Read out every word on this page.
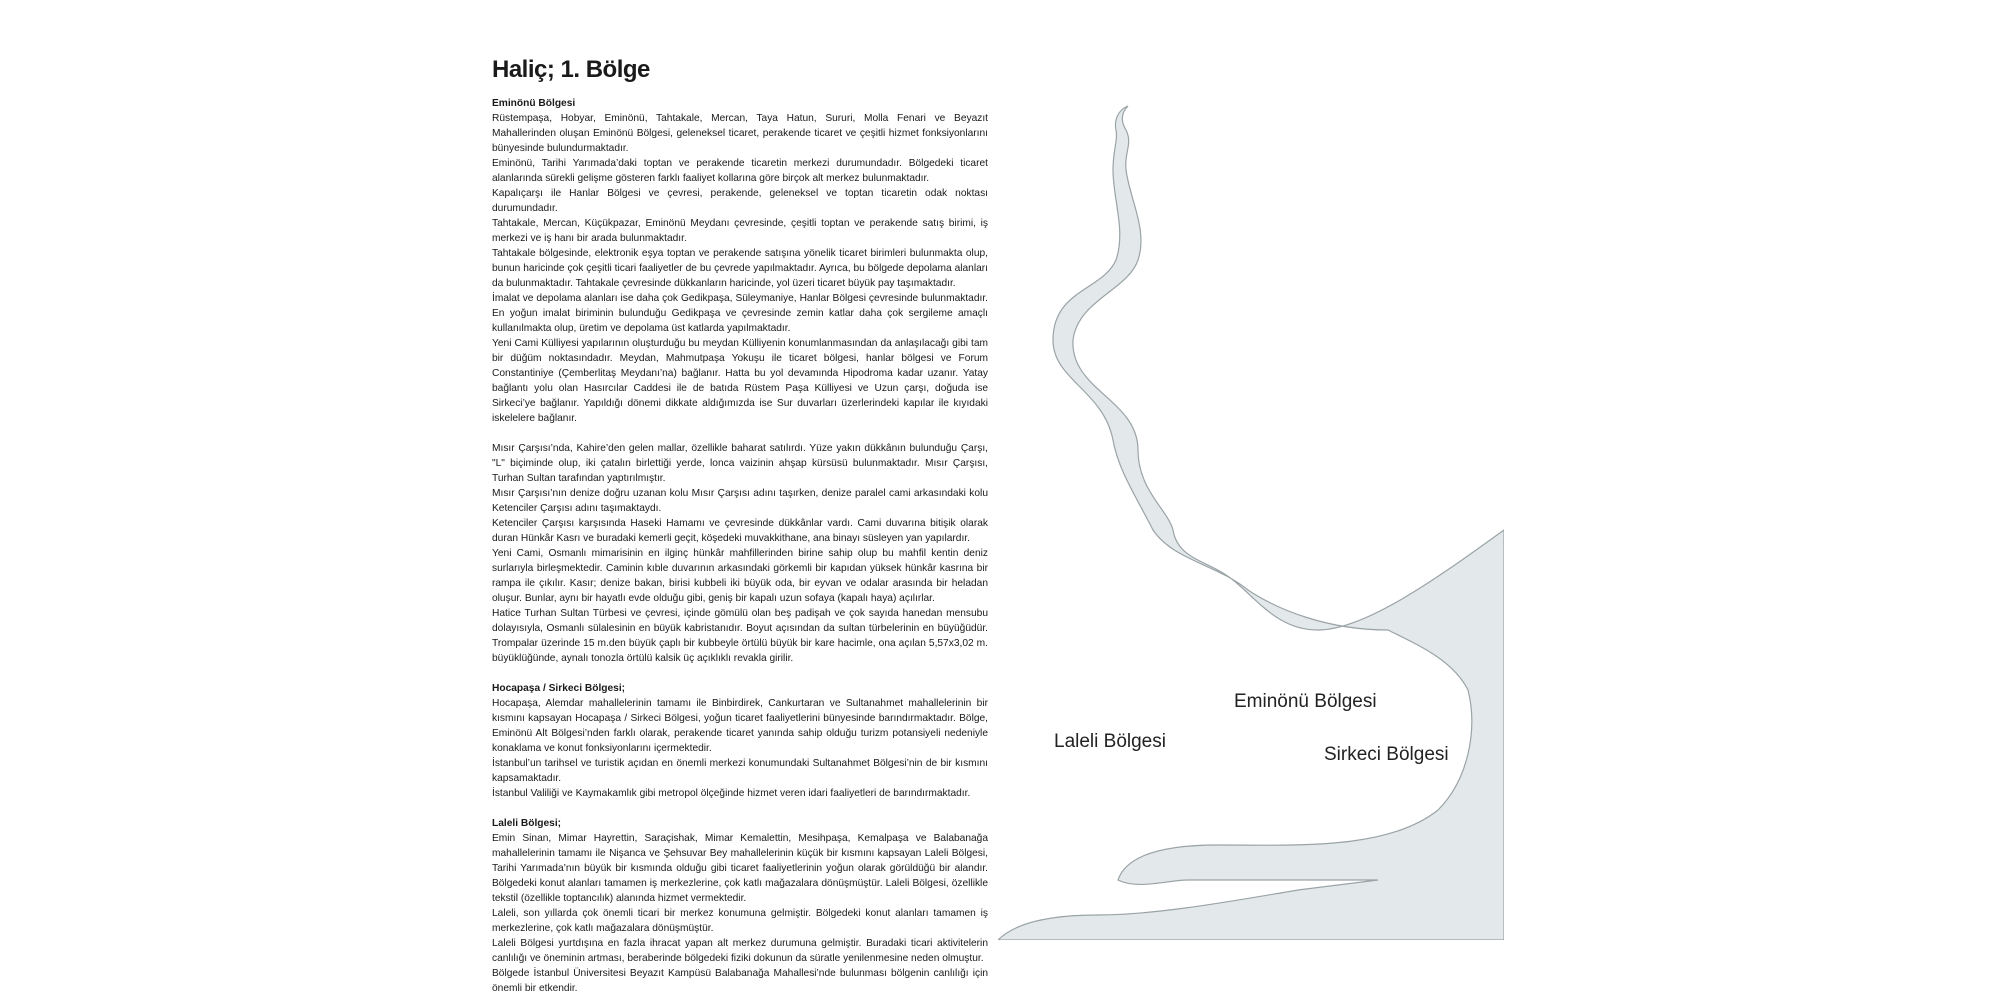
Haliç; 1. Bölge

Eminönü Bölgesi

Rüstempaşa, Hobyar, Eminönü, Tahtakale, Mercan, Taya Hatun, Sururi, Molla Fenari ve Beyazıt Mahallerinden oluşan Eminönü Bölgesi, geleneksel ticaret, perakende ticaret ve çeşitli hizmet fonksiyonlarını bünyesinde bulundurmaktadır.

Eminönü, Tarihi Yarımada’daki toptan ve perakende ticaretin merkezi durumundadır. Bölgedeki ticaret alanlarında sürekli gelişme gösteren farklı faaliyet kollarına göre birçok alt merkez bulunmaktadır.

Kapalıçarşı ile Hanlar Bölgesi ve çevresi, perakende, geleneksel ve toptan ticaretin odak noktası durumundadır.

Tahtakale, Mercan, Küçükpazar, Eminönü Meydanı çevresinde, çeşitli toptan ve perakende satış birimi, iş merkezi ve iş hanı bir arada bulunmaktadır.

Tahtakale bölgesinde, elektronik eşya toptan ve perakende satışına yönelik ticaret birimleri bulunmakta olup, bunun haricinde çok çeşitli ticari faaliyetler de bu çevrede yapılmaktadır. Ayrıca, bu bölgede depolama alanları da bulunmaktadır. Tahtakale çevresinde dükkanların haricinde, yol üzeri ticaret büyük pay taşımaktadır.

İmalat ve depolama alanları ise daha çok Gedikpaşa, Süleymaniye, Hanlar Bölgesi çevresinde bulunmaktadır. En yoğun imalat biriminin bulunduğu Gedikpaşa ve çevresinde zemin katlar daha çok sergileme amaçlı kullanılmakta olup, üretim ve depolama üst katlarda yapılmaktadır.

Yeni Cami Külliyesi yapılarının oluşturduğu bu meydan Külliyenin konumlanmasından da anlaşılacağı gibi tam bir düğüm noktasındadır. Meydan, Mahmutpaşa Yokuşu ile ticaret bölgesi, hanlar bölgesi ve Forum Constantiniye (Çemberlitaş Meydanı’na) bağlanır. Hatta bu yol devamında Hipodroma kadar uzanır. Yatay bağlantı yolu olan Hasırcılar Caddesi ile de batıda Rüstem Paşa Külliyesi ve Uzun çarşı, doğuda ise Sirkeci’ye bağlanır. Yapıldığı dönemi dikkate aldığımızda ise Sur duvarları üzerlerindeki kapılar ile kıyıdaki iskelelere bağlanır.

Mısır Çarşısı’nda, Kahire’den gelen mallar, özellikle baharat satılırdı. Yüze yakın dükkânın bulunduğu Çarşı, "L" biçiminde olup, iki çatalın birlettiği yerde, lonca vaizinin ahşap kürsüsü bulunmaktadır. Mısır Çarşısı, Turhan Sultan tarafından yaptırılmıştır.

Mısır Çarşısı’nın denize doğru uzanan kolu Mısır Çarşısı adını taşırken, denize paralel cami arkasındaki kolu Ketenciler Çarşısı adını taşımaktaydı.

Ketenciler Çarşısı karşısında Haseki Hamamı ve çevresinde dükkânlar vardı. Cami duvarına bitişik olarak duran Hünkâr Kasrı ve buradaki kemerli geçit, köşedeki muvakkithane, ana binayı süsleyen yan yapılardır.

Yeni Cami, Osmanlı mimarisinin en ilginç hünkâr mahfillerinden birine sahip olup bu mahfil kentin deniz surlarıyla birleşmektedir. Caminin kıble duvarının arkasındaki görkemli bir kapıdan yüksek hünkâr kasrına bir rampa ile çıkılır. Kasır; denize bakan, birisi kubbeli iki büyük oda, bir eyvan ve odalar arasında bir heladan oluşur. Bunlar, aynı bir hayatlı evde olduğu gibi, geniş bir kapalı uzun sofaya (kapalı haya) açılırlar.

Hatice Turhan Sultan Türbesi ve çevresi, içinde gömülü olan beş padişah ve çok sayıda hanedan mensubu dolayısıyla, Osmanlı sülalesinin en büyük kabristanıdır. Boyut açısından da sultan türbelerinin en büyüğüdür. Trompalar üzerinde 15 m.den büyük çaplı bir kubbeyle örtülü büyük bir kare hacimle, ona açılan 5,57x3,02 m. büyüklüğünde, aynalı tonozla örtülü kalsik üç açıklıklı revakla girilir.

Hocapaşa / Sirkeci Bölgesi;

Hocapaşa, Alemdar mahallelerinin tamamı ile Binbirdirek, Cankurtaran ve Sultanahmet mahallelerinin bir kısmını kapsayan Hocapaşa / Sirkeci Bölgesi, yoğun ticaret faaliyetlerini bünyesinde barındırmaktadır. Bölge, Eminönü Alt Bölgesi’nden farklı olarak, perakende ticaret yanında sahip olduğu turizm potansiyeli nedeniyle konaklama ve konut fonksiyonlarını içermektedir.

İstanbul’un tarihsel ve turistik açıdan en önemli merkezi konumundaki Sultanahmet Bölgesi’nin de bir kısmını kapsamaktadır.

İstanbul Valiliği ve Kaymakamlık gibi metropol ölçeğinde hizmet veren idari faaliyetleri de barındırmaktadır.

Laleli Bölgesi;

Emin Sinan, Mimar Hayrettin, Saraçishak, Mimar Kemalettin, Mesihpaşa, Kemalpaşa ve Balabanağa mahallelerinin tamamı ile Nişanca ve Şehsuvar Bey mahallelerinin küçük bir kısmını kapsayan Laleli Bölgesi, Tarihi Yarımada’nın büyük bir kısmında olduğu gibi ticaret faaliyetlerinin yoğun olarak görüldüğü bir alandır. Bölgedeki konut alanları tamamen iş merkezlerine, çok katlı mağazalara dönüşmüştür. Laleli Bölgesi, özellikle tekstil (özellikle toptancılık) alanında hizmet vermektedir.

Laleli, son yıllarda çok önemli ticari bir merkez konumuna gelmiştir. Bölgedeki konut alanları tamamen iş merkezlerine, çok katlı mağazalara dönüşmüştür.

Laleli Bölgesi yurtdışına en fazla ihracat yapan alt merkez durumuna gelmiştir. Buradaki ticari aktivitelerin canlılığı ve öneminin artması, beraberinde bölgedeki fiziki dokunun da süratle yenilenmesine neden olmuştur.

Bölgede İstanbul Üniversitesi Beyazıt Kampüsü Balabanağa Mahallesi’nde bulunması bölgenin canlılığı için önemli bir etkendir.

Eminönü Bölgesi
Laleli Bölgesi
Sirkeci Bölgesi
